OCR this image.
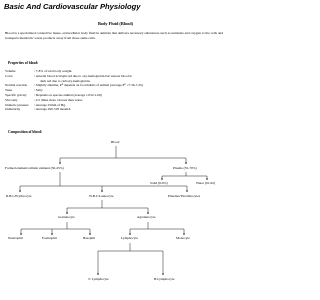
Basic And Cardiovascular Physiology
Body Fluid (Blood)
Blood is a specialized connective tissue, extracellular body fluid in animals that delivers necessary substances such as nutrients and oxygen to the cells and transports metabolic waste products away from those same cells.
Properties of blood:
Volume	: 7-8% of total body weight.
Color	: Arterial blood is bright red due to oxy-hemoglobin but venous blood is
dark red due to carboxy-hemoglobin.
Normal reaction	: Slightly alkaline, Pᴴ depends on food habits of animal (average Pᴴ =7.36-7.45)
Taste	: Salty
Specific gravity	: Depends on species animal (average 1.052-1.06)
Viscosity	: 4.5 times more viscous than water.
Osmotic pressure	: Average 25mm of Hg.
Osmolarity	: Average 290-318 mosm/L
Composition of blood:
Blood
Formed element/cellular element (30-45%)	Plasma (55-70%)
Solid (8-9%)	Water (91-92)
R.B.C/Erythrocyte	W.B.C/Leukocyte	Platelets/Thrombocytes
Granulocyte	Agranulocyte
Neutrophil	Eosinophil	Basophil	Lymphocyte	Monocyte
T- Lymphocyte	B-Lymphocyte
